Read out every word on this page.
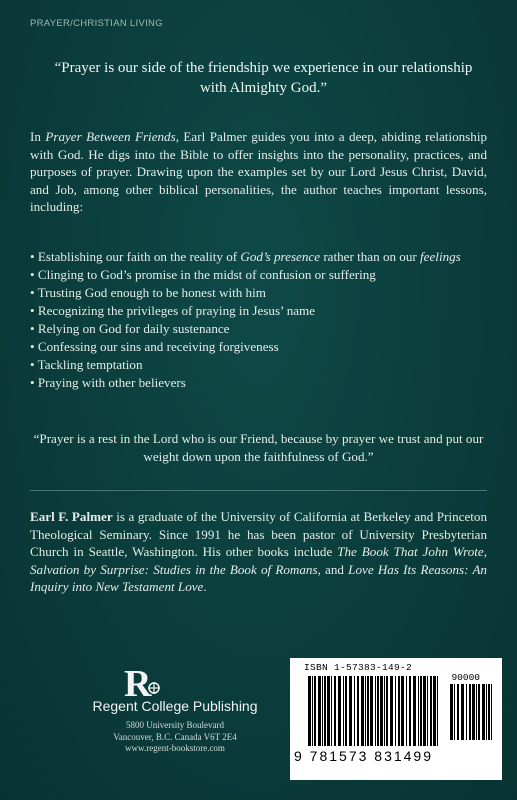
PRAYER/CHRISTIAN LIVING
“Prayer is our side of the friendship we experience in our relationship with Almighty God.”
In Prayer Between Friends, Earl Palmer guides you into a deep, abiding relationship with God. He digs into the Bible to offer insights into the personality, practices, and purposes of prayer. Drawing upon the examples set by our Lord Jesus Christ, David, and Job, among other biblical personalities, the author teaches important lessons, including:
• Establishing our faith on the reality of God’s presence rather than on our feelings
• Clinging to God’s promise in the midst of confusion or suffering
• Trusting God enough to be honest with him
• Recognizing the privileges of praying in Jesus’ name
• Relying on God for daily sustenance
• Confessing our sins and receiving forgiveness
• Tackling temptation
• Praying with other believers
“Prayer is a rest in the Lord who is our Friend, because by prayer we trust and put our weight down upon the faithfulness of God.”
Earl F. Palmer is a graduate of the University of California at Berkeley and Princeton Theological Seminary. Since 1991 he has been pastor of University Presbyterian Church in Seattle, Washington. His other books include The Book That John Wrote, Salvation by Surprise: Studies in the Book of Romans, and Love Has Its Reasons: An Inquiry into New Testament Love.
R
Regent College Publishing
5800 University Boulevard
Vancouver, B.C. Canada V6T 2E4
www.regent-bookstore.com
ISBN 1-57383-149-2
90000
9 781573 831499
